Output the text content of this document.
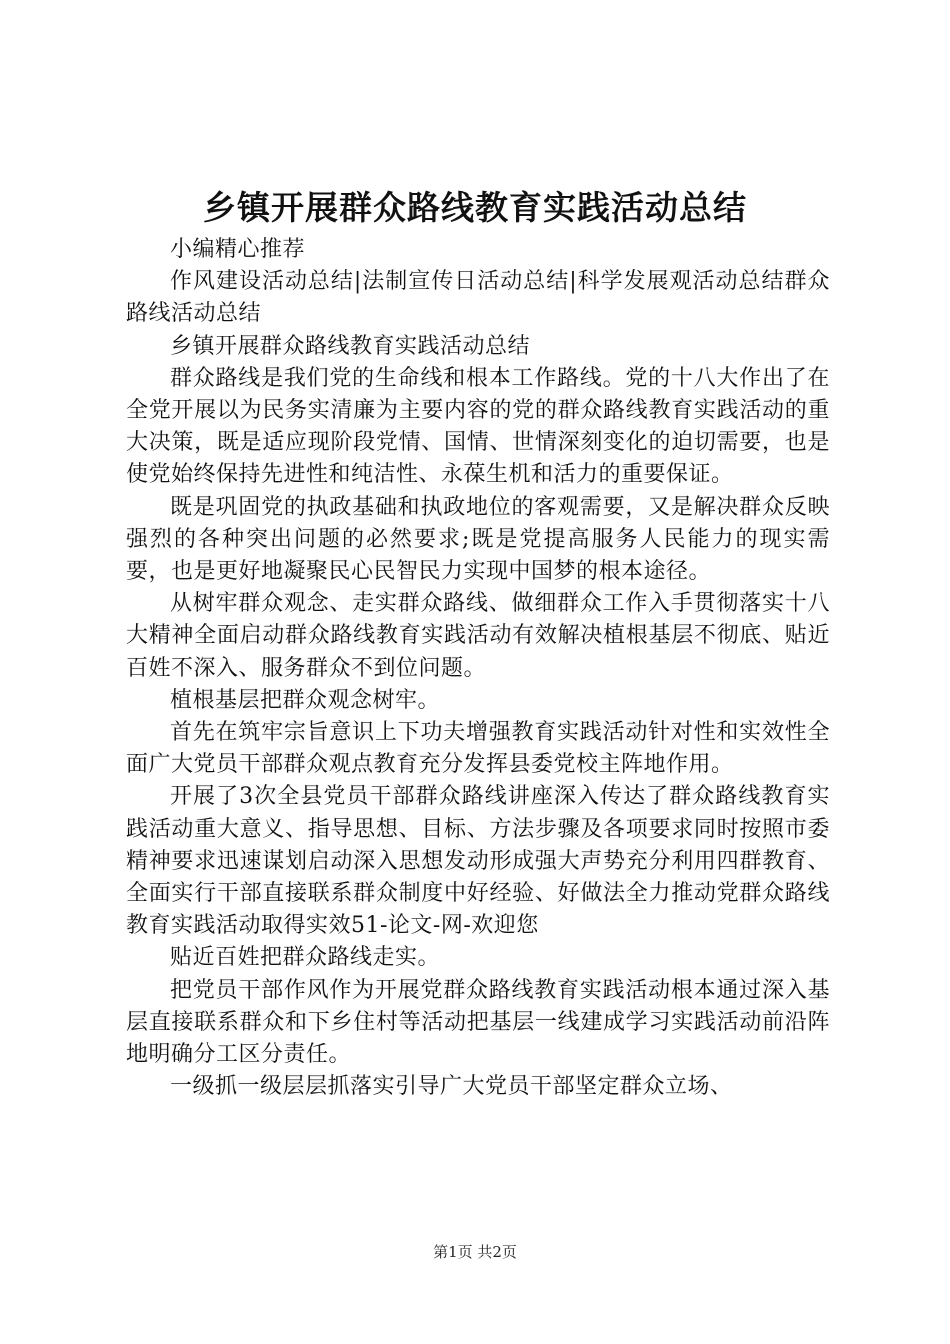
乡镇开展群众路线教育实践活动总结

小编精心推荐

作风建设活动总结|法制宣传日活动总结|科学发展观活动总结群众路线活动总结

乡镇开展群众路线教育实践活动总结

群众路线是我们党的生命线和根本工作路线。党的十八大作出了在全党开展以为民务实清廉为主要内容的党的群众路线教育实践活动的重大决策，既是适应现阶段党情、国情、世情深刻变化的迫切需要，也是使党始终保持先进性和纯洁性、永葆生机和活力的重要保证。

既是巩固党的执政基础和执政地位的客观需要，又是解决群众反映强烈的各种突出问题的必然要求;既是党提高服务人民能力的现实需要，也是更好地凝聚民心民智民力实现中国梦的根本途径。

从树牢群众观念、走实群众路线、做细群众工作入手贯彻落实十八大精神全面启动群众路线教育实践活动有效解决植根基层不彻底、贴近百姓不深入、服务群众不到位问题。

植根基层把群众观念树牢。

首先在筑牢宗旨意识上下功夫增强教育实践活动针对性和实效性全面广大党员干部群众观点教育充分发挥县委党校主阵地作用。

开展了3次全县党员干部群众路线讲座深入传达了群众路线教育实践活动重大意义、指导思想、目标、方法步骤及各项要求同时按照市委精神要求迅速谋划启动深入思想发动形成强大声势充分利用四群教育、全面实行干部直接联系群众制度中好经验、好做法全力推动党群众路线教育实践活动取得实效51-论文-网-欢迎您

贴近百姓把群众路线走实。

把党员干部作风作为开展党群众路线教育实践活动根本通过深入基层直接联系群众和下乡住村等活动把基层一线建成学习实践活动前沿阵地明确分工区分责任。

一级抓一级层层抓落实引导广大党员干部坚定群众立场、

第1页 共2页
